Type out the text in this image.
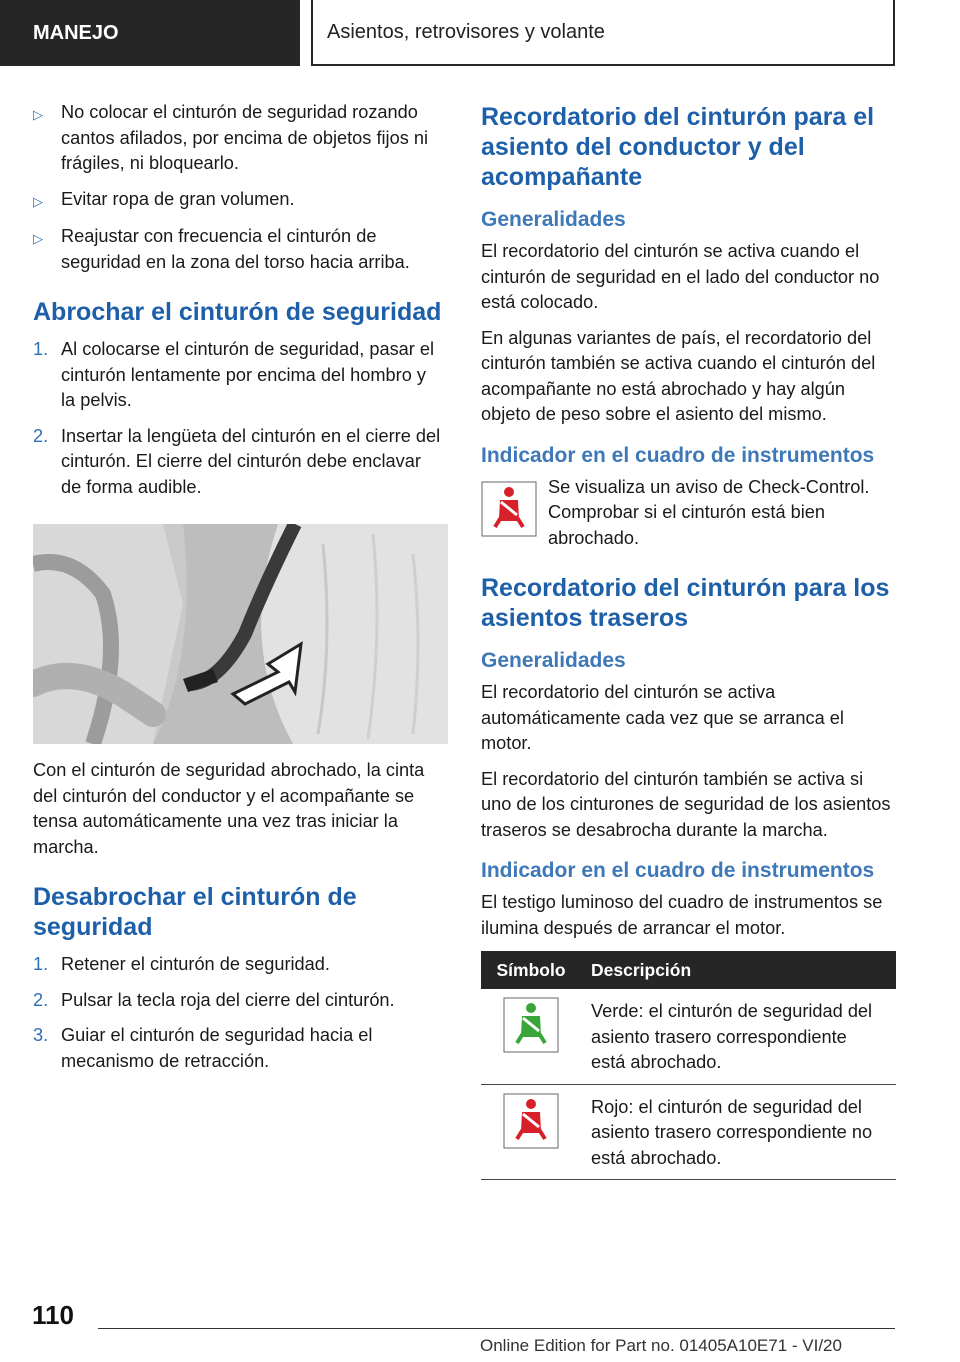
MANEJO	Asientos, retrovisores y volante
▷ No colocar el cinturón de seguridad rozando cantos afilados, por encima de objetos fijos ni frágiles, ni bloquearlo.
▷ Evitar ropa de gran volumen.
▷ Reajustar con frecuencia el cinturón de seguridad en la zona del torso hacia arriba.
Abrochar el cinturón de seguridad
1. Al colocarse el cinturón de seguridad, pasar el cinturón lentamente por encima del hombro y la pelvis.
2. Insertar la lengüeta del cinturón en el cierre del cinturón. El cierre del cinturón debe enclavar de forma audible.

Con el cinturón de seguridad abrochado, la cinta del cinturón del conductor y el acompañante se tensa automáticamente una vez tras iniciar la marcha.

Desabrochar el cinturón de seguridad
1. Retener el cinturón de seguridad.
2. Pulsar la tecla roja del cierre del cinturón.
3. Guiar el cinturón de seguridad hacia el mecanismo de retracción.
Recordatorio del cinturón para el asiento del conductor y del acompañante
Generalidades

El recordatorio del cinturón se activa cuando el cinturón de seguridad en el lado del conductor no está colocado.

En algunas variantes de país, el recordatorio del cinturón también se activa cuando el cinturón del acompañante no está abrochado y hay algún objeto de peso sobre el asiento del mismo.

Indicador en el cuadro de instrumentos

Se visualiza un aviso de Check-Control. Comprobar si el cinturón está bien abrochado.

Recordatorio del cinturón para los asientos traseros
Generalidades

El recordatorio del cinturón se activa automáticamente cada vez que se arranca el motor.

El recordatorio del cinturón también se activa si uno de los cinturones de seguridad de los asientos traseros se desabrocha durante la marcha.

Indicador en el cuadro de instrumentos

El testigo luminoso del cuadro de instrumentos se ilumina después de arrancar el motor.

Símbolo	Descripción
	Verde: el cinturón de seguridad del asiento trasero correspondiente está abrochado.
	Rojo: el cinturón de seguridad del asiento trasero correspondiente no está abrochado.
110
Online Edition for Part no. 01405A10E71 - VI/20
